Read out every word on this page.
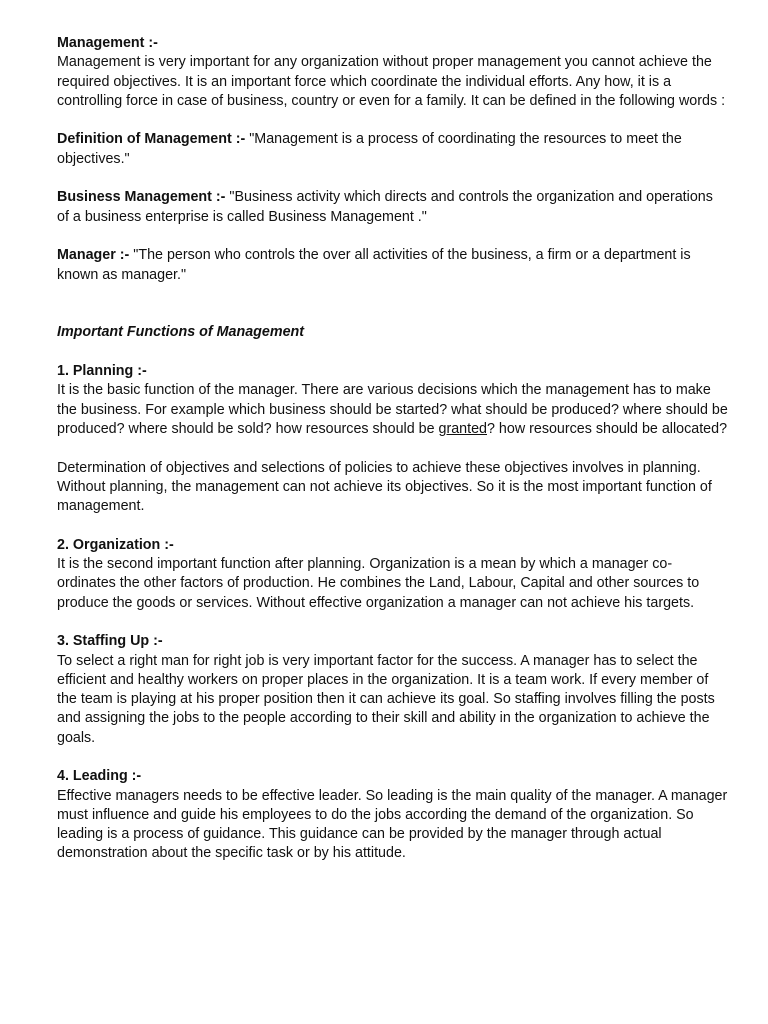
Management :-

Management is very important for any organization without proper management you cannot achieve the required objectives. It is an important force which coordinate the individual efforts. Any how, it is a controlling force in case of business, country or even for a family. It can be defined in the following words :

Definition of Management :- "Management is a process of coordinating the resources to meet the objectives."

Business Management :- "Business activity which directs and controls the organization and operations of a business enterprise is called Business Management ."

Manager :- "The person who controls the over all activities of the business, a firm or a department is known as manager."

Important Functions of Management

1. Planning :-

It is the basic function of the manager. There are various decisions which the management has to make the business. For example which business should be started? what should be produced? where should be produced? where should be sold? how resources should be granted? how resources should be allocated?

Determination of objectives and selections of policies to achieve these objectives involves in planning. Without planning, the management can not achieve its objectives. So it is the most important function of management.

2. Organization :-

It is the second important function after planning. Organization is a mean by which a manager co-ordinates the other factors of production. He combines the Land, Labour, Capital and other sources to produce the goods or services. Without effective organization a manager can not achieve his targets.

3. Staffing Up :-

To select a right man for right job is very important factor for the success. A manager has to select the efficient and healthy workers on proper places in the organization. It is a team work. If every member of the team is playing at his proper position then it can achieve its goal. So staffing involves filling the posts and assigning the jobs to the people according to their skill and ability in the organization to achieve the goals.

4. Leading :-

Effective managers needs to be effective leader. So leading is the main quality of the manager. A manager must influence and guide his employees to do the jobs according the demand of the organization. So leading is a process of guidance. This guidance can be provided by the manager through actual demonstration about the specific task or by his attitude.
